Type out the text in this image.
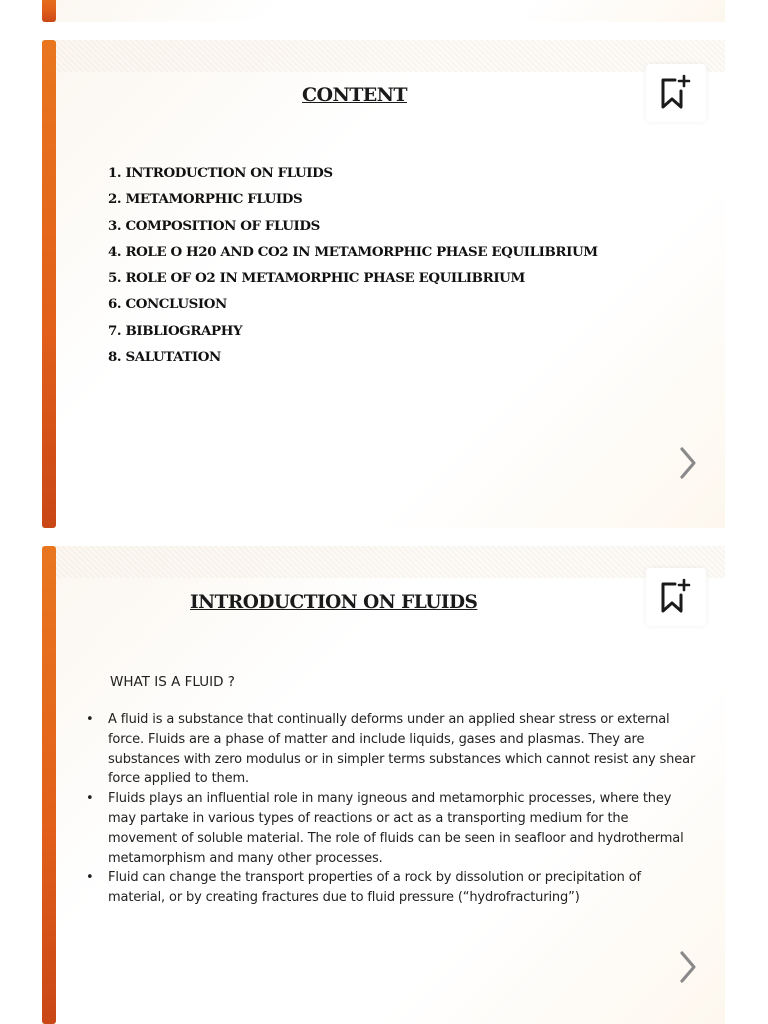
CONTENT
1. INTRODUCTION ON FLUIDS
2. METAMORPHIC FLUIDS
3. COMPOSITION OF FLUIDS
4. ROLE O H20 AND CO2 IN METAMORPHIC PHASE EQUILIBRIUM
5. ROLE OF O2 IN METAMORPHIC PHASE EQUILIBRIUM
6. CONCLUSION
7. BIBLIOGRAPHY
8. SALUTATION
INTRODUCTION ON FLUIDS
WHAT IS A FLUID ?
• A fluid is a substance that continually deforms under an applied shear stress or external force. Fluids are a phase of matter and include liquids, gases and plasmas. They are substances with zero modulus or in simpler terms substances which cannot resist any shear force applied to them.
• Fluids plays an influential role in many igneous and metamorphic processes, where they may partake in various types of reactions or act as a transporting medium for the movement of soluble material. The role of fluids can be seen in seafloor and hydrothermal metamorphism and many other processes.
• Fluid can change the transport properties of a rock by dissolution or precipitation of material, or by creating fractures due to fluid pressure (“hydrofracturing”)
